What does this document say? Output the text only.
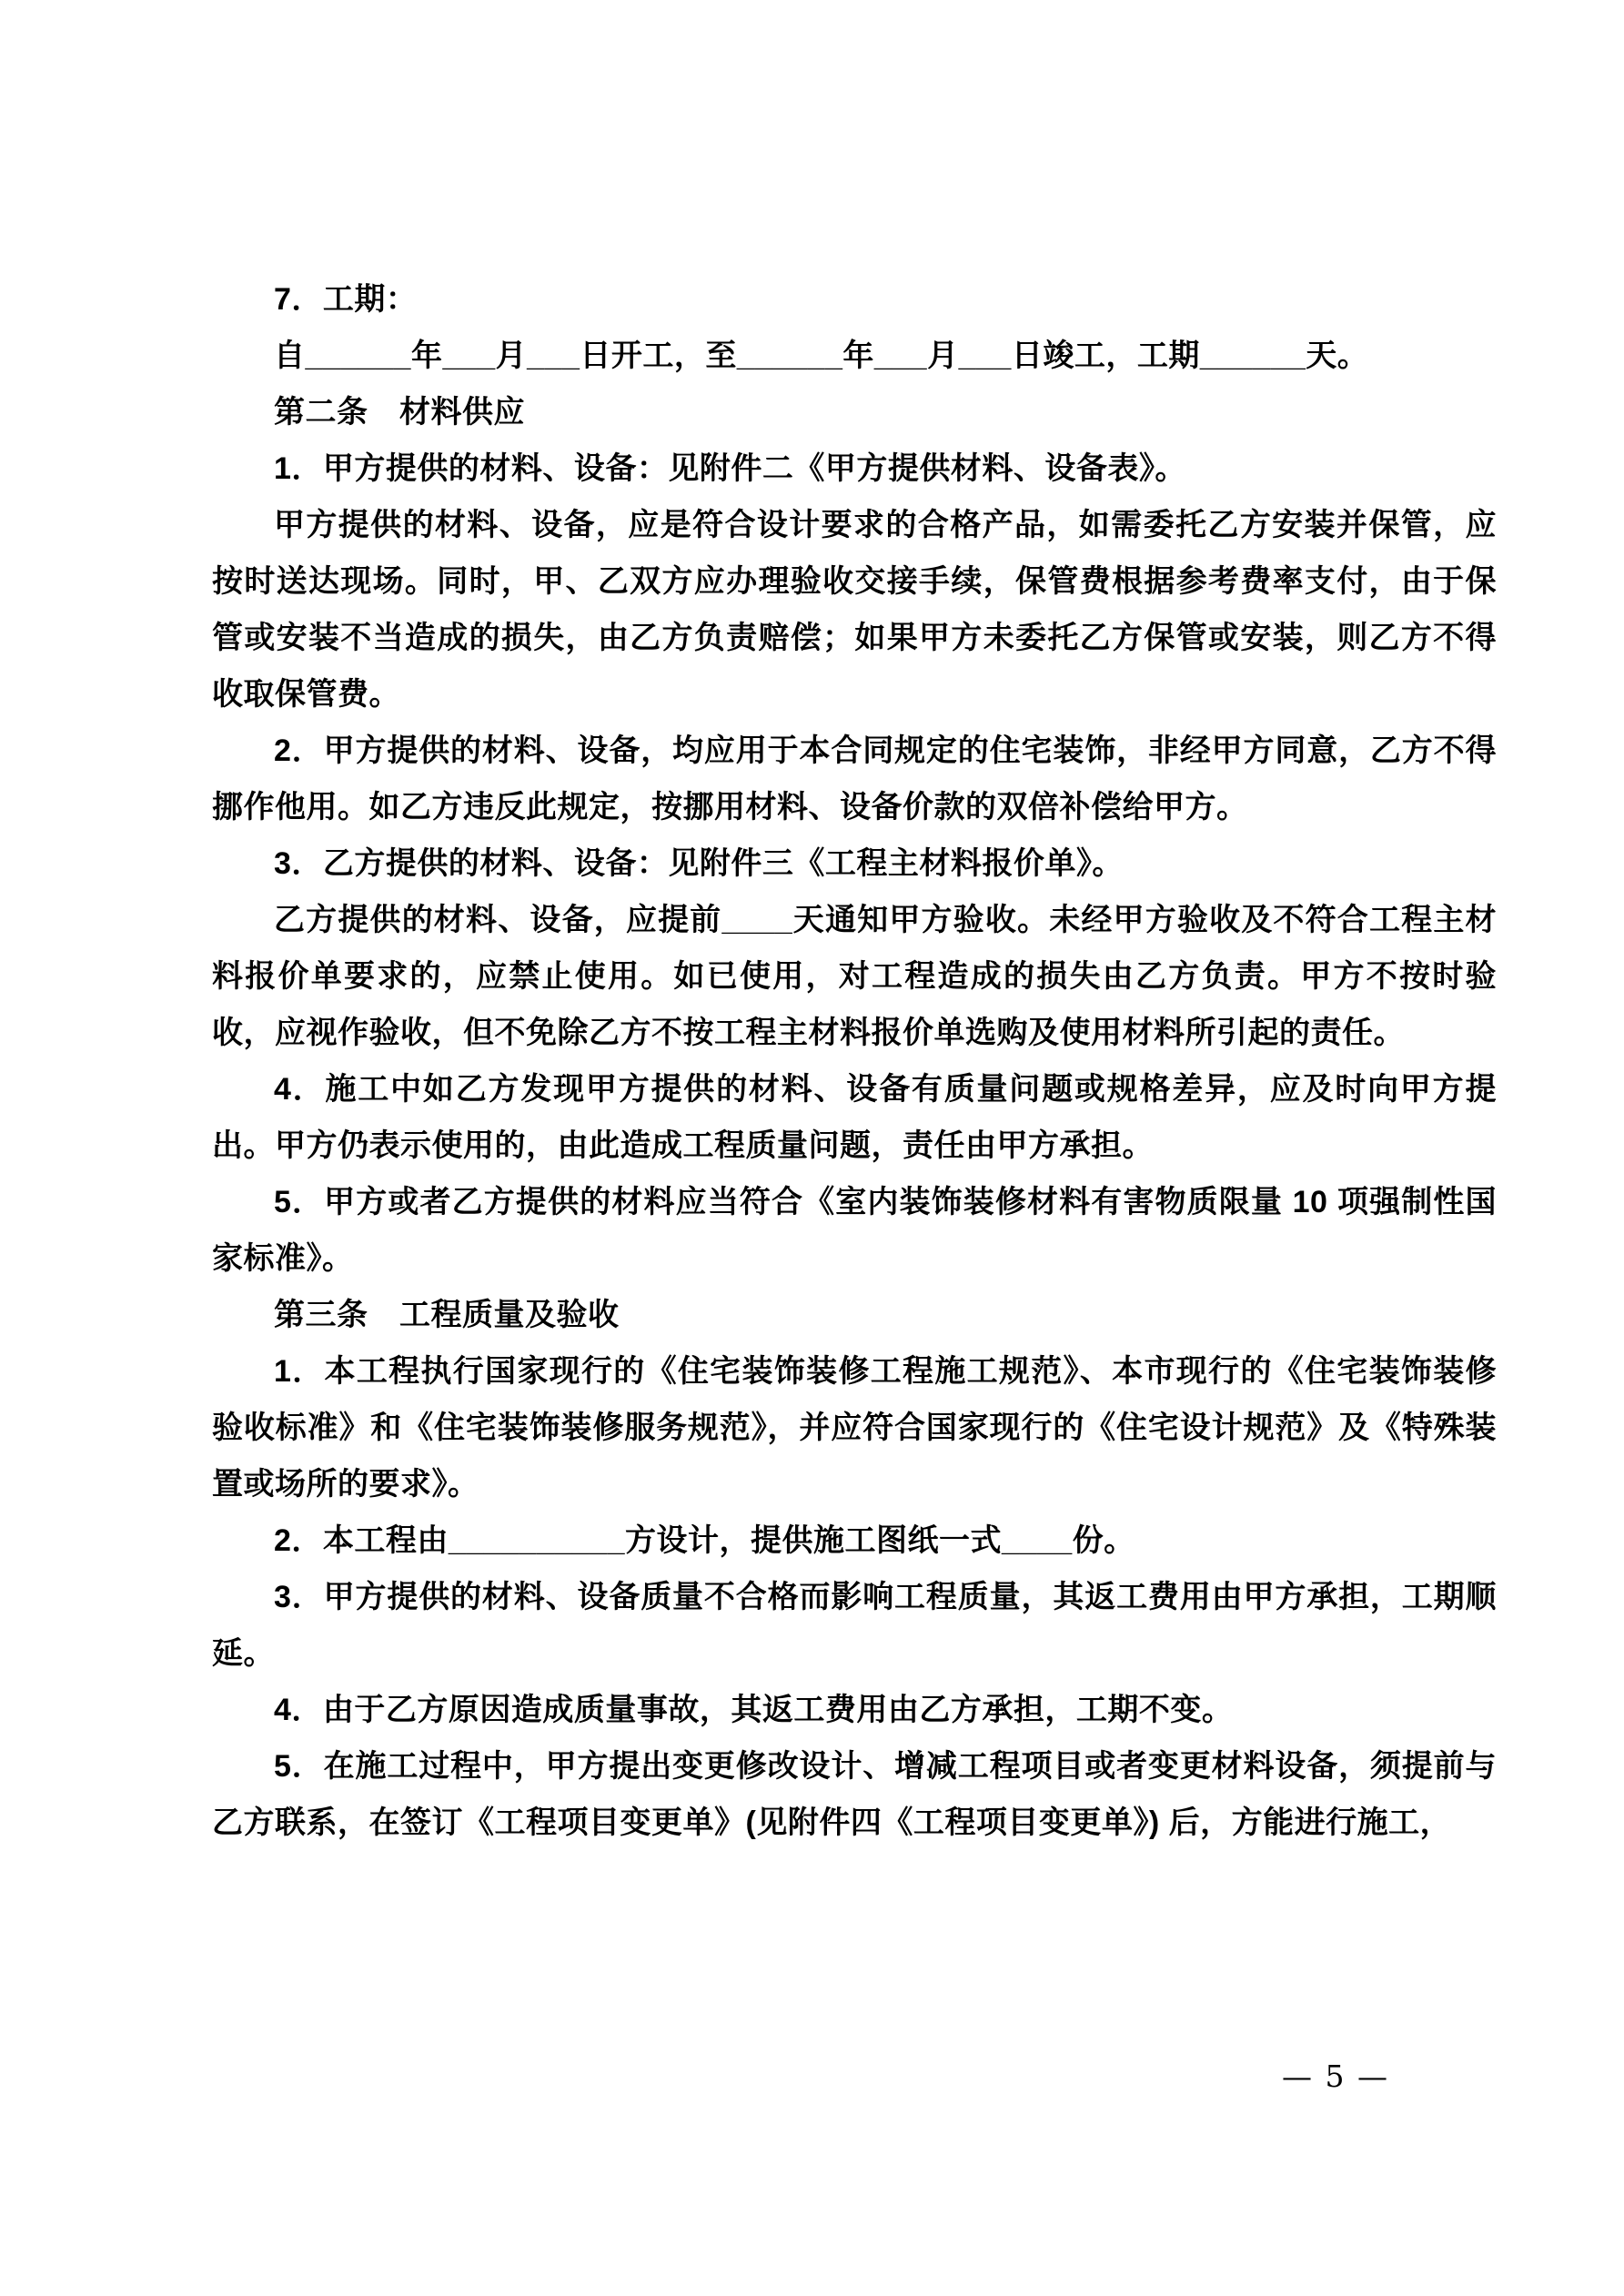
7．工期：

自______年___月___日开工，至______年___月___日竣工，工期______天。

第二条　材料供应

1．甲方提供的材料、设备：见附件二《甲方提供材料、设备表》。

甲方提供的材料、设备，应是符合设计要求的合格产品，如需委托乙方安装并保管，应按时送达现场。同时，甲、乙双方应办理验收交接手续，保管费根据参考费率支付，由于保管或安装不当造成的损失，由乙方负责赔偿；如果甲方未委托乙方保管或安装，则乙方不得收取保管费。

2．甲方提供的材料、设备，均应用于本合同规定的住宅装饰，非经甲方同意，乙方不得挪作他用。如乙方违反此规定，按挪用材料、设备价款的双倍补偿给甲方。

3．乙方提供的材料、设备：见附件三《工程主材料报价单》。

乙方提供的材料、设备，应提前____天通知甲方验收。未经甲方验收及不符合工程主材料报价单要求的，应禁止使用。如已使用，对工程造成的损失由乙方负责。甲方不按时验收，应视作验收，但不免除乙方不按工程主材料报价单选购及使用材料所引起的责任。

4．施工中如乙方发现甲方提供的材料、设备有质量问题或规格差异，应及时向甲方提出。甲方仍表示使用的，由此造成工程质量问题，责任由甲方承担。

5．甲方或者乙方提供的材料应当符合《室内装饰装修材料有害物质限量 10 项强制性国家标准》。

第三条　工程质量及验收

1．本工程执行国家现行的《住宅装饰装修工程施工规范》、本市现行的《住宅装饰装修验收标准》和《住宅装饰装修服务规范》，并应符合国家现行的《住宅设计规范》及《特殊装置或场所的要求》。

2．本工程由__________方设计，提供施工图纸一式____份。

3．甲方提供的材料、设备质量不合格而影响工程质量，其返工费用由甲方承担，工期顺延。

4．由于乙方原因造成质量事故，其返工费用由乙方承担，工期不变。

5．在施工过程中，甲方提出变更修改设计、增减工程项目或者变更材料设备，须提前与乙方联系，在签订《工程项目变更单》(见附件四《工程项目变更单》) 后，方能进行施工，

— 5 —
